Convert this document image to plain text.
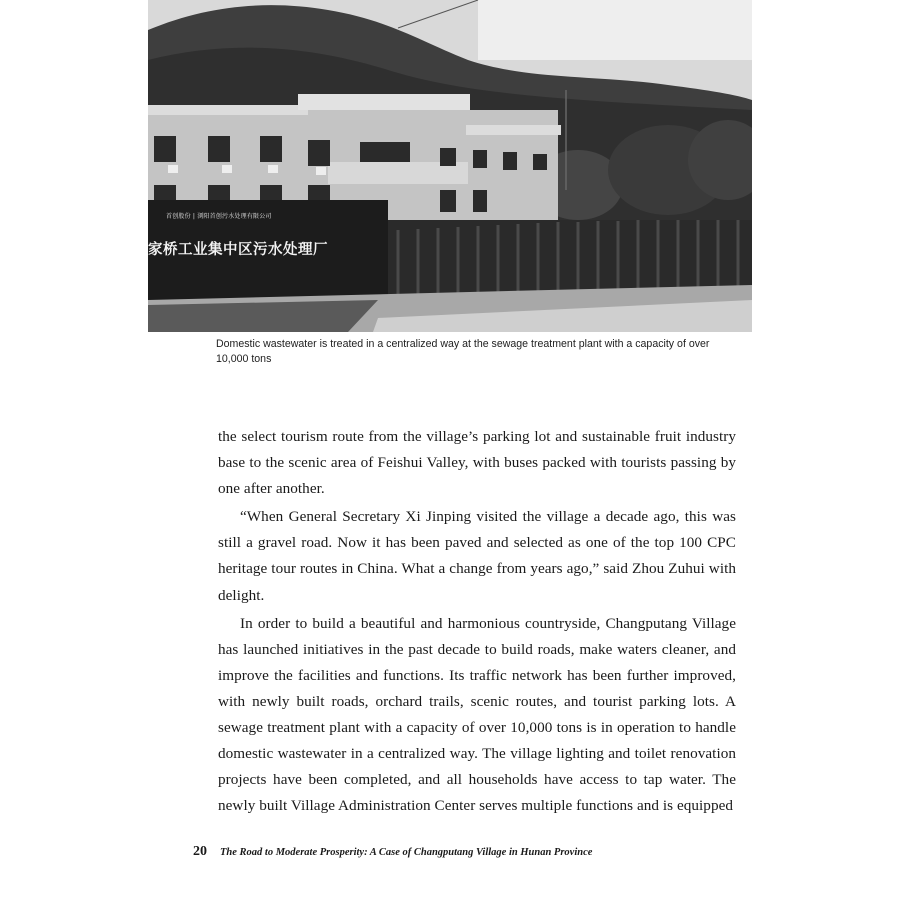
首创股份 | 浏阳首创污水处理有限公司
家桥工业集中区污水处理厂
Domestic wastewater is treated in a centralized way at the sewage treatment plant with a capacity of over 10,000 tons

the select tourism route from the village’s parking lot and sustainable fruit industry base to the scenic area of Feishui Valley, with buses packed with tourists passing by one after another.

“When General Secretary Xi Jinping visited the village a decade ago, this was still a gravel road. Now it has been paved and selected as one of the top 100 CPC heritage tour routes in China. What a change from years ago,” said Zhou Zuhui with delight.

In order to build a beautiful and harmonious countryside, Changputang Village has launched initiatives in the past decade to build roads, make waters cleaner, and improve the facilities and functions. Its traffic network has been further improved, with newly built roads, orchard trails, scenic routes, and tourist parking lots. A sewage treatment plant with a capacity of over 10,000 tons is in operation to handle domestic wastewater in a centralized way. The village lighting and toilet renovation projects have been completed, and all households have access to tap water. The newly built Village Administration Center serves multiple functions and is equipped

20 The Road to Moderate Prosperity: A Case of Changputang Village in Hunan Province
